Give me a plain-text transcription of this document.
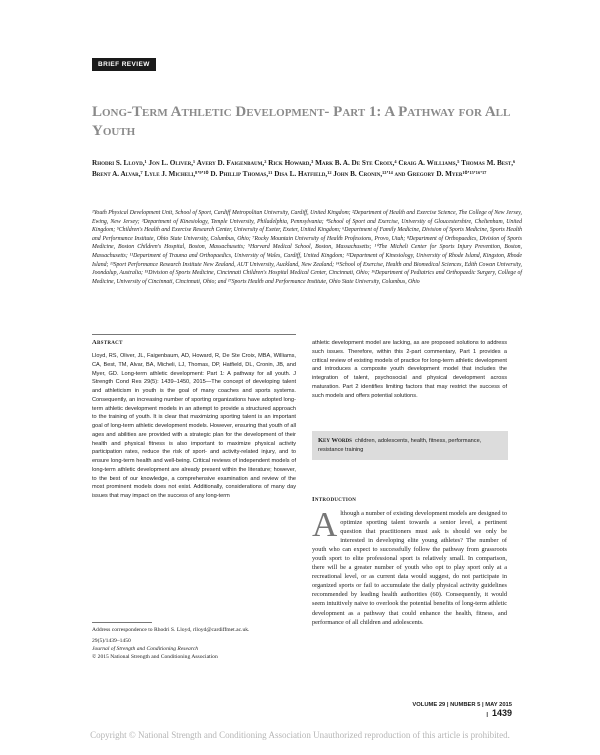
BRIEF REVIEW
Long-Term Athletic Development- Part 1: A Pathway for All Youth
Rhodri S. Lloyd,¹ Jon L. Oliver,¹ Avery D. Faigenbaum,² Rick Howard,³ Mark B. A. De Ste Croix,⁴ Craig A. Williams,⁵ Thomas M. Best,⁶ Brent A. Alvar,⁷ Lyle J. Micheli,⁸'⁹'¹⁰ D. Phillip Thomas,¹¹ Disa L. Hatfield,¹² John B. Cronin,¹³'¹⁴ and Gregory D. Myer¹⁰'¹⁵'¹⁶'¹⁷
¹Youth Physical Development Unit, School of Sport, Cardiff Metropolitan University, Cardiff, United Kingdom; ²Department of Health and Exercise Science, The College of New Jersey, Ewing, New Jersey; ³Department of Kinesiology, Temple University, Philadelphia, Pennsylvania; ⁴School of Sport and Exercise, University of Gloucestershire, Cheltenham, United Kingdom; ⁵Children's Health and Exercise Research Center, University of Exeter, Exeter, United Kingdom; ⁶Department of Family Medicine, Division of Sports Medicine, Sports Health and Performance Institute, Ohio State University, Columbus, Ohio; ⁷Rocky Mountain University of Health Professions, Provo, Utah; ⁸Department of Orthopaedics, Division of Sports Medicine, Boston Children's Hospital, Boston, Massachusetts; ⁹Harvard Medical School, Boston, Massachusetts; ¹⁰The Micheli Center for Sports Injury Prevention, Boston, Massachusetts; ¹¹Department of Trauma and Orthopaedics, University of Wales, Cardiff, United Kingdom; ¹²Department of Kinesiology, University of Rhode Island, Kingston, Rhode Island; ¹³Sport Performance Research Institute New Zealand, AUT University, Auckland, New Zealand; ¹⁴School of Exercise, Health and Biomedical Sciences, Edith Cowan University, Joondalup, Australia; ¹⁵Division of Sports Medicine, Cincinnati Children's Hospital Medical Center, Cincinnati, Ohio; ¹⁶Department of Pediatrics and Orthopaedic Surgery, College of Medicine, University of Cincinnati, Cincinnati, Ohio; and ¹⁷Sports Health and Performance Institute, Ohio State University, Columbus, Ohio
Abstract
Lloyd, RS, Oliver, JL, Faigenbaum, AD, Howard, R, De Ste Croix, MBA, Williams, CA, Best, TM, Alvar, BA, Micheli, LJ, Thomas, DP, Hatfield, DL, Cronin, JB, and Myer, GD. Long-term athletic development: Part 1: A pathway for all youth. J Strength Cond Res 29(5): 1439–1450, 2015—The concept of developing talent and athleticism in youth is the goal of many coaches and sports systems. Consequently, an increasing number of sporting organizations have adopted long-term athletic development models in an attempt to provide a structured approach to the training of youth. It is clear that maximizing sporting talent is an important goal of long-term athletic development models. However, ensuring that youth of all ages and abilities are provided with a strategic plan for the development of their health and physical fitness is also important to maximize physical activity participation rates, reduce the risk of sport- and activity-related injury, and to ensure long-term health and well-being. Critical reviews of independent models of long-term athletic development are already present within the literature; however, to the best of our knowledge, a comprehensive examination and review of the most prominent models does not exist. Additionally, considerations of many day issues that may impact on the success of any long-term
athletic development model are lacking, as are proposed solutions to address such issues. Therefore, within this 2-part commentary, Part 1 provides a critical review of existing models of practice for long-term athletic development and introduces a composite youth development model that includes the integration of talent, psychosocial and physical development across maturation. Part 2 identifies limiting factors that may restrict the success of such models and offers potential solutions.
Key Words children, adolescents, health, fitness, performance, resistance training
Introduction
Although a number of existing development models are designed to optimize sporting talent towards a senior level, a pertinent question that practitioners must ask is should we only be interested in developing elite young athletes? The number of youth who can expect to successfully follow the pathway from grassroots youth sport to elite professional sport is relatively small. In comparison, there will be a greater number of youth who opt to play sport only at a recreational level, or as current data would suggest, do not participate in organized sports or fail to accumulate the daily physical activity guidelines recommended by leading health authorities (60). Consequently, it would seem intuitively naive to overlook the potential benefits of long-term athletic development as a pathway that could enhance the health, fitness, and performance of all children and adolescents.
Address correspondence to Rhodri S. Lloyd, rlloyd@cardiffmet.ac.uk.
29(5)/1439–1450
Journal of Strength and Conditioning Research
© 2015 National Strength and Conditioning Association
VOLUME 29 | NUMBER 5 | MAY 2015 | 1439
Copyright © National Strength and Conditioning Association Unauthorized reproduction of this article is prohibited.
